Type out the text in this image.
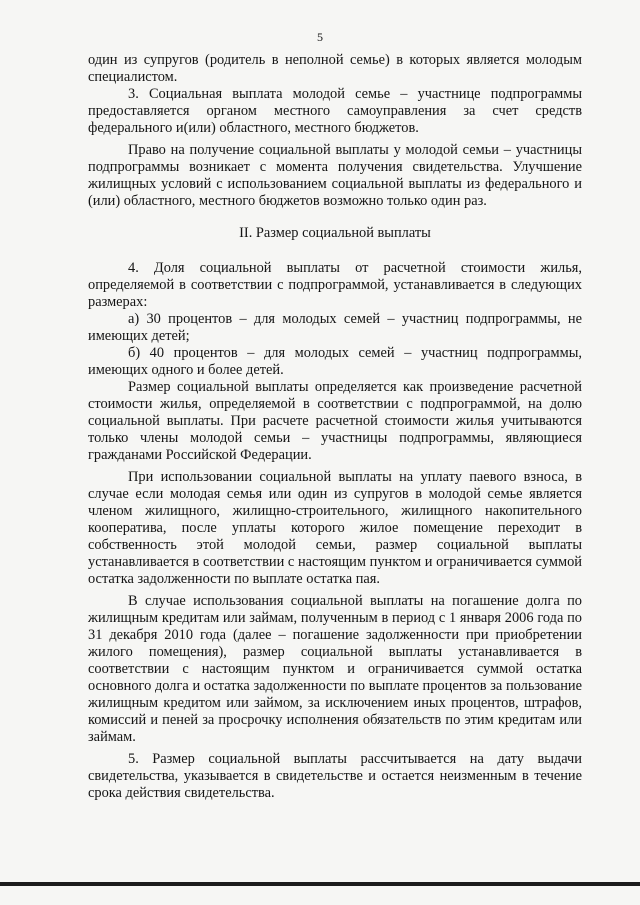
5

один из супругов (родитель в неполной семье) в которых является молодым специалистом.

3. Социальная выплата молодой семье – участнице подпрограммы предоставляется органом местного самоуправления за счет средств федерального и(или) областного, местного бюджетов.

Право на получение социальной выплаты у молодой семьи – участницы подпрограммы возникает с момента получения свидетельства. Улучшение жилищных условий с использованием социальной выплаты из федерального и (или) областного, местного бюджетов возможно только один раз.

II. Размер социальной выплаты

4. Доля социальной выплаты от расчетной стоимости жилья, определяемой в соответствии с подпрограммой, устанавливается в следующих размерах:

а) 30 процентов – для молодых семей – участниц подпрограммы, не имеющих детей;

б) 40 процентов – для молодых семей – участниц подпрограммы, имеющих одного и более детей.

Размер социальной выплаты определяется как произведение расчетной стоимости жилья, определяемой в соответствии с подпрограммой, на долю социальной выплаты. При расчете расчетной стоимости жилья учитываются только члены молодой семьи – участницы подпрограммы, являющиеся гражданами Российской Федерации.

При использовании социальной выплаты на уплату паевого взноса, в случае если молодая семья или один из супругов в молодой семье является членом жилищного, жилищно-строительного, жилищного накопительного кооператива, после уплаты которого жилое помещение переходит в собственность этой молодой семьи, размер социальной выплаты устанавливается в соответствии с настоящим пунктом и ограничивается суммой остатка задолженности по выплате остатка пая.

В случае использования социальной выплаты на погашение долга по жилищным кредитам или займам, полученным в период с 1 января 2006 года по 31 декабря 2010 года (далее – погашение задолженности при приобретении жилого помещения), размер социальной выплаты устанавливается в соответствии с настоящим пунктом и ограничивается суммой остатка основного долга и остатка задолженности по выплате процентов за пользование жилищным кредитом или займом, за исключением иных процентов, штрафов, комиссий и пеней за просрочку исполнения обязательств по этим кредитам или займам.

5. Размер социальной выплаты рассчитывается на дату выдачи свидетельства, указывается в свидетельстве и остается неизменным в течение срока действия свидетельства.
